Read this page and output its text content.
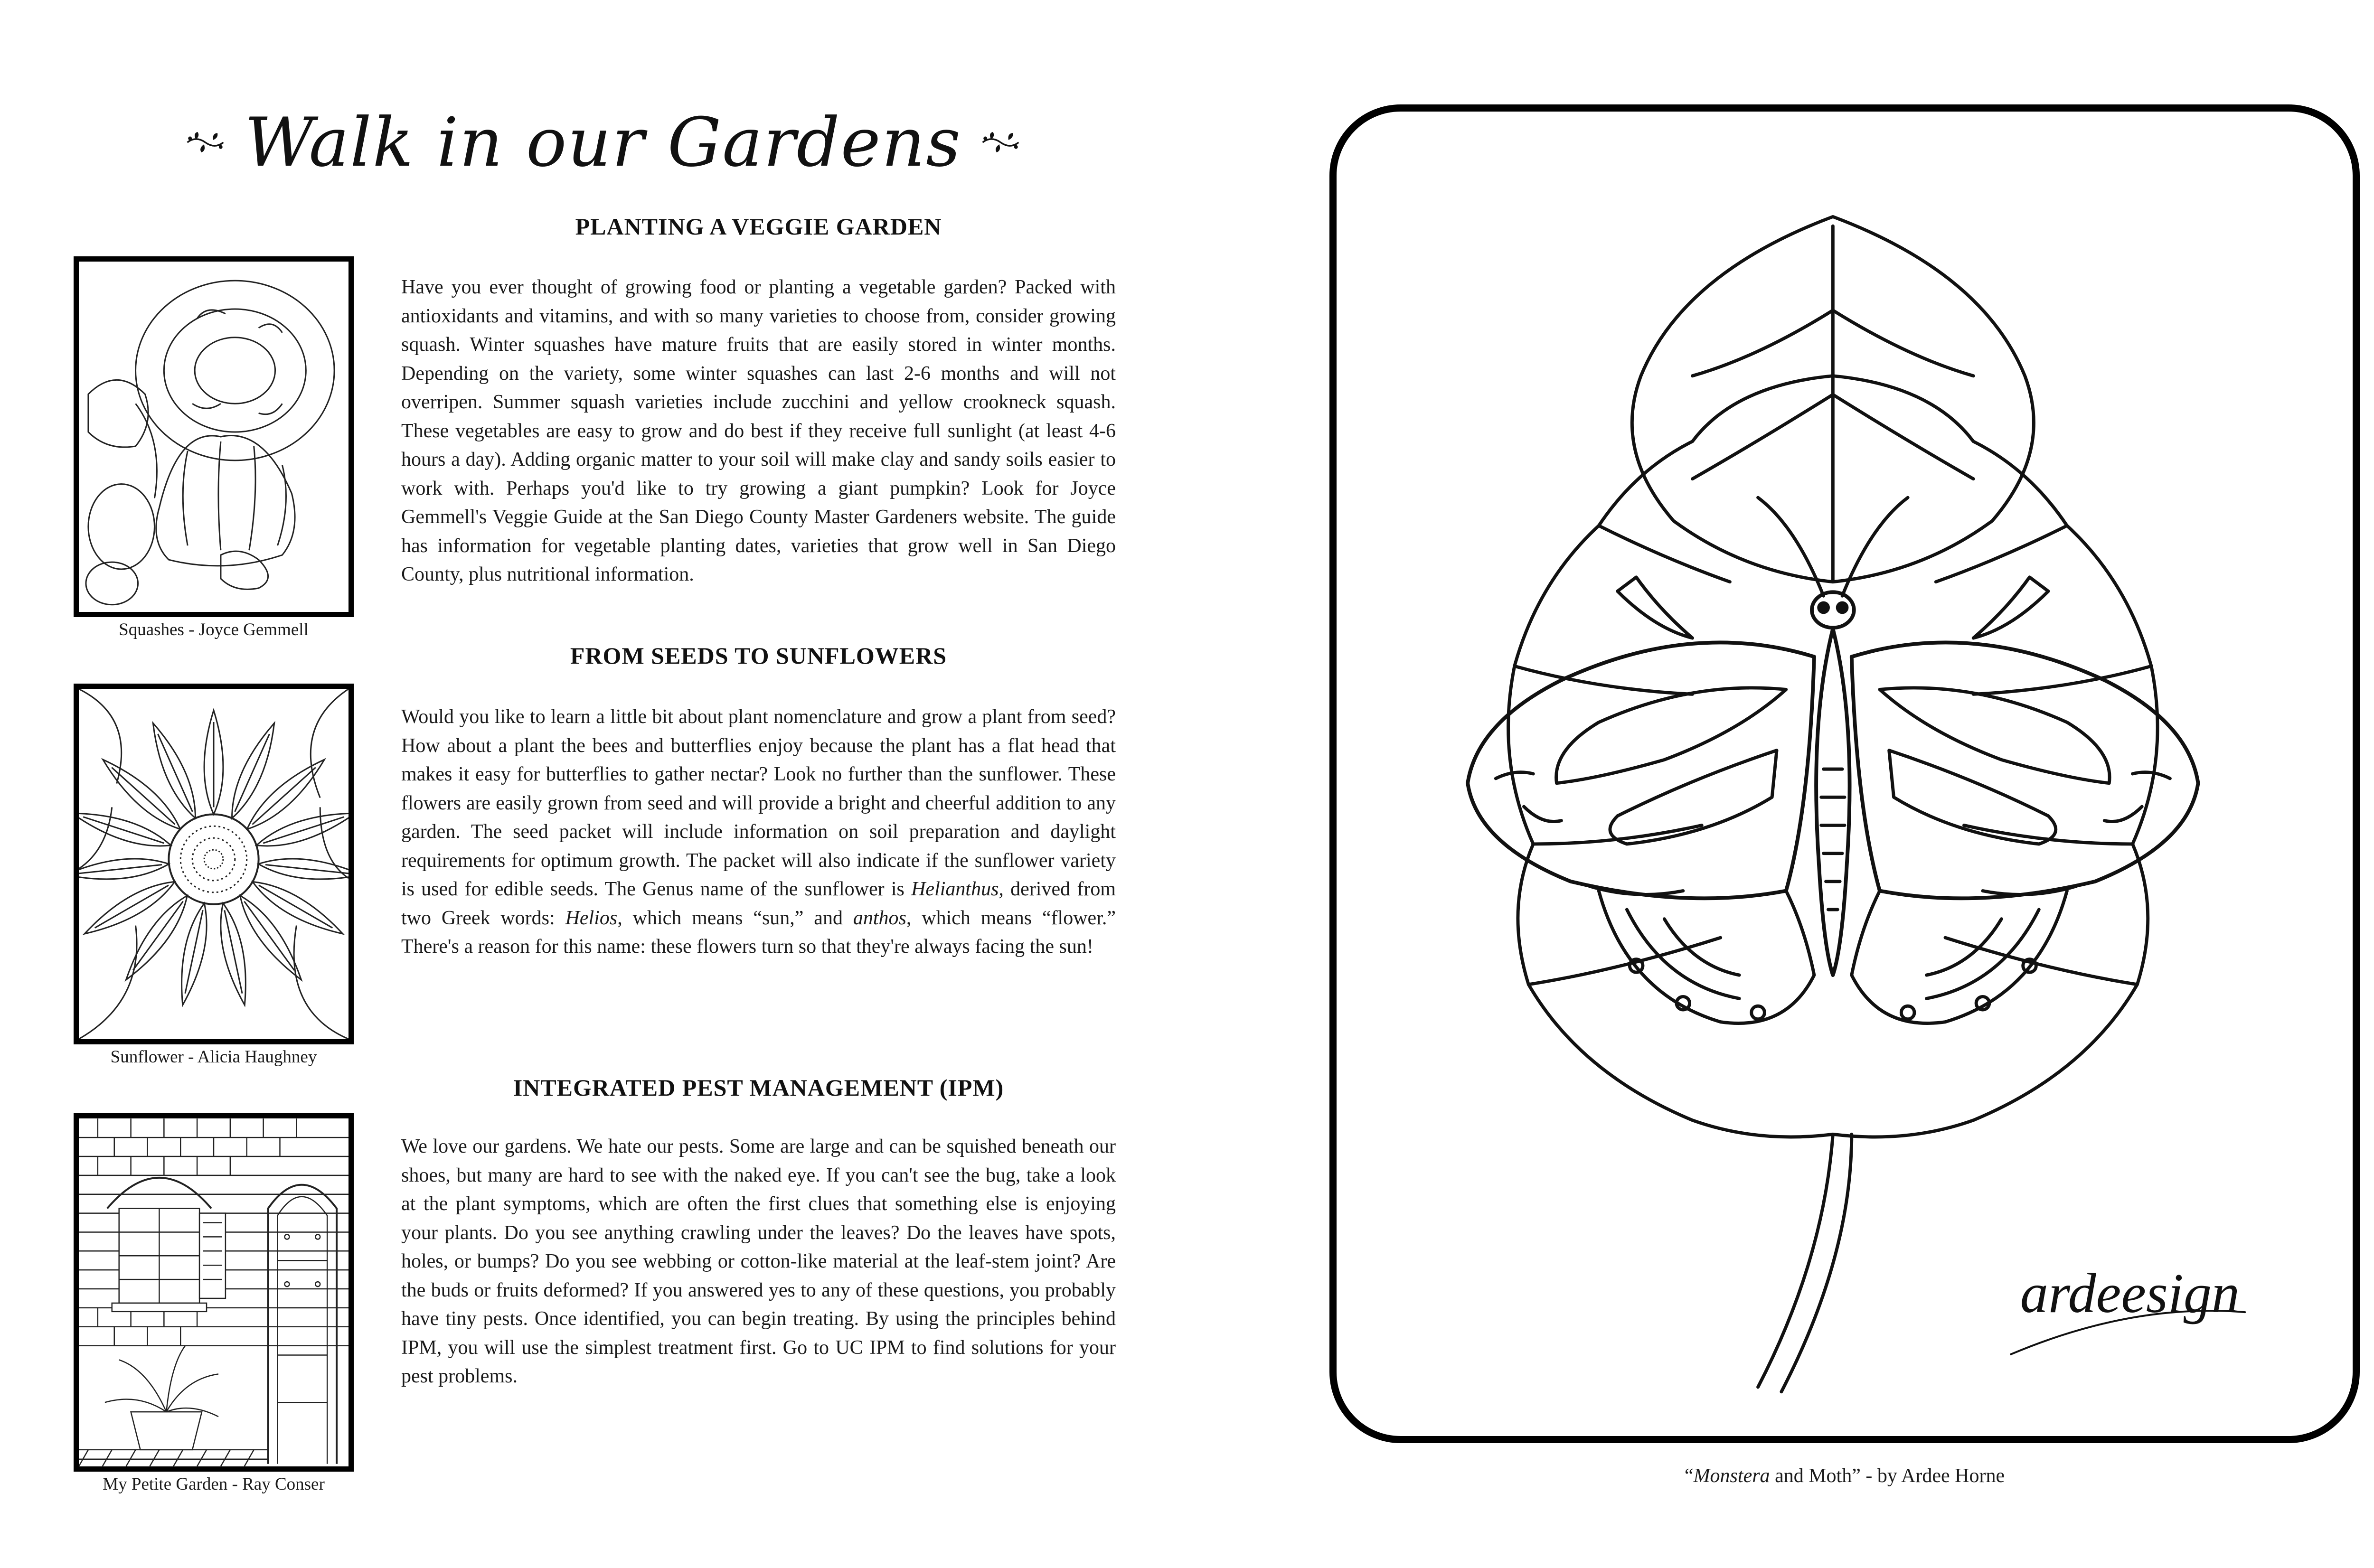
Walk in our Gardens
PLANTING A VEGGIE GARDEN
Have you ever thought of growing food or planting a vegetable garden? Packed with antioxidants and vitamins, and with so many varieties to choose from, consider growing squash. Winter squashes have mature fruits that are easily stored in winter months. Depending on the variety, some winter squashes can last 2-6 months and will not overripen. Summer squash varieties include zucchini and yellow crookneck squash. These vegetables are easy to grow and do best if they receive full sunlight (at least 4-6 hours a day). Adding organic matter to your soil will make clay and sandy soils easier to work with. Perhaps you'd like to try growing a giant pumpkin? Look for Joyce Gemmell's Veggie Guide at the San Diego County Master Gardeners website. The guide has information for vegetable planting dates, varieties that grow well in San Diego County, plus nutritional information.
Squashes - Joyce Gemmell
FROM SEEDS TO SUNFLOWERS
Would you like to learn a little bit about plant nomenclature and grow a plant from seed? How about a plant the bees and butterflies enjoy because the plant has a flat head that makes it easy for butterflies to gather nectar? Look no further than the sunflower. These flowers are easily grown from seed and will provide a bright and cheerful addition to any garden. The seed packet will include information on soil preparation and daylight requirements for optimum growth. The packet will also indicate if the sunflower variety is used for edible seeds. The Genus name of the sunflower is Helianthus, derived from two Greek words: Helios, which means “sun,” and anthos, which means “flower.” There's a reason for this name: these flowers turn so that they're always facing the sun!
Sunflower - Alicia Haughney
INTEGRATED PEST MANAGEMENT (IPM)
We love our gardens. We hate our pests. Some are large and can be squished beneath our shoes, but many are hard to see with the naked eye. If you can't see the bug, take a look at the plant symptoms, which are often the first clues that something else is enjoying your plants. Do you see anything crawling under the leaves? Do the leaves have spots, holes, or bumps? Do you see webbing or cotton-like material at the leaf-stem joint? Are the buds or fruits deformed? If you answered yes to any of these questions, you probably have tiny pests. Once identified, you can begin treating. By using the principles behind IPM, you will use the simplest treatment first. Go to UC IPM to find solutions for your pest problems.
My Petite Garden - Ray Conser
ardeesign
“Monstera and Moth” - by Ardee Horne
